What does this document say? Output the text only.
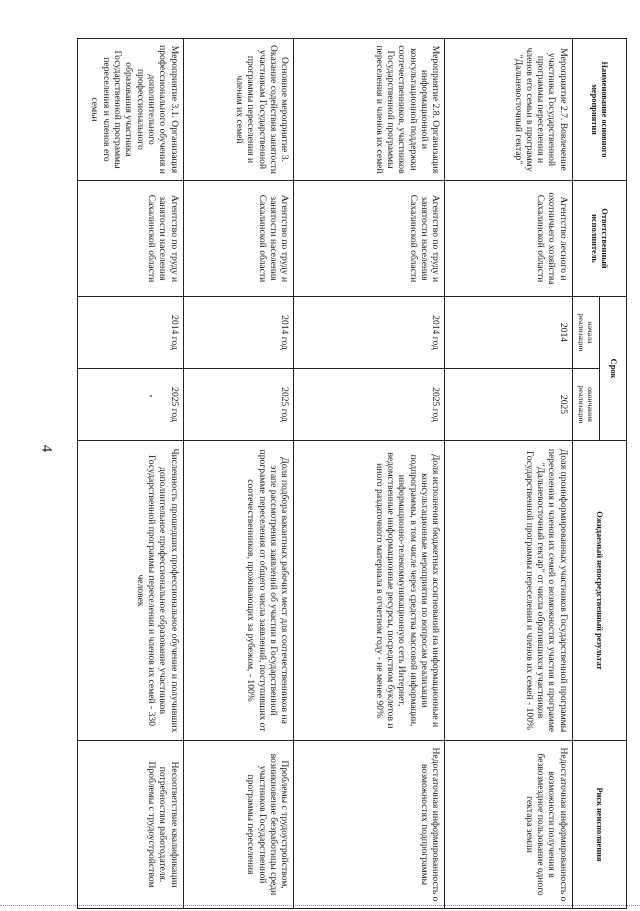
4
Наименование основного мероприятия	Ответственный исполнитель	Срок		Ожидаемый непосредственный результат	Риск неисполнения
		начала реализации	окончания реализации		
Мероприятие 2.7. Вовлечение участника Государственной программы переселения и членов его семьи в программу "Дальневосточный гектар"	Агентство лесного и охотничьего хозяйства Сахалинской области	2014	2025	Доля проинформированных участников Государственной программы переселения и членов их семей о возможностях участия в программе "Дальневосточный гектар" от числа обратившихся участников Государственной программы переселения и членов их семей - 100%	Недостаточная информированность о возможности получения в безвозмездное пользование одного гектара земли
Мероприятие 2.8. Организация информационной и консультационной поддержки соотечественников, участников Государственной программы переселения и членов их семей	Агентство по труду и занятости населения Сахалинской области	2014 год	2025 год	Доля исполнения бюджетных ассигнований на информационные и консультационные мероприятия по вопросам реализации подпрограммы, в том числе через средства массовой информации, информационно-телекоммуникационную сеть Интернет, ведомственные информационные ресурсы, посредством буклетов и иного раздаточного материала в отчетном году - не менее 90%	Недостаточная информированность о возможностях подпрограммы
Основное мероприятие 3. Оказание содействия занятости участникам Государственной программы переселения и членам их семей	Агентство по труду и занятости населения Сахалинской области	2014 год	2025 год	Доля подбора вакантных рабочих мест для соотечественников на этапе рассмотрения заявлений об участии в Государственной программе переселения от общего числа заявлений, поступивших от соотечественников, проживающих за рубежом, - 100%	Проблемы с трудоустройством, возникновение безработицы среди участников Государственной программы переселения
Мероприятие 3.1. Организация профессионального обучения и дополнительного профессионального образования участника Государственной программы переселения и членов его семьи	Агентство по труду и занятости населения Сахалинской области	2014 год	2025 год	Численность прошедших профессиональное обучение и получивших дополнительное профессиональное образование участников Государственной программы переселения и членов их семей - 330 человек	Несоответствие квалификации потребностям работодателя. Проблемы с трудоустройством
